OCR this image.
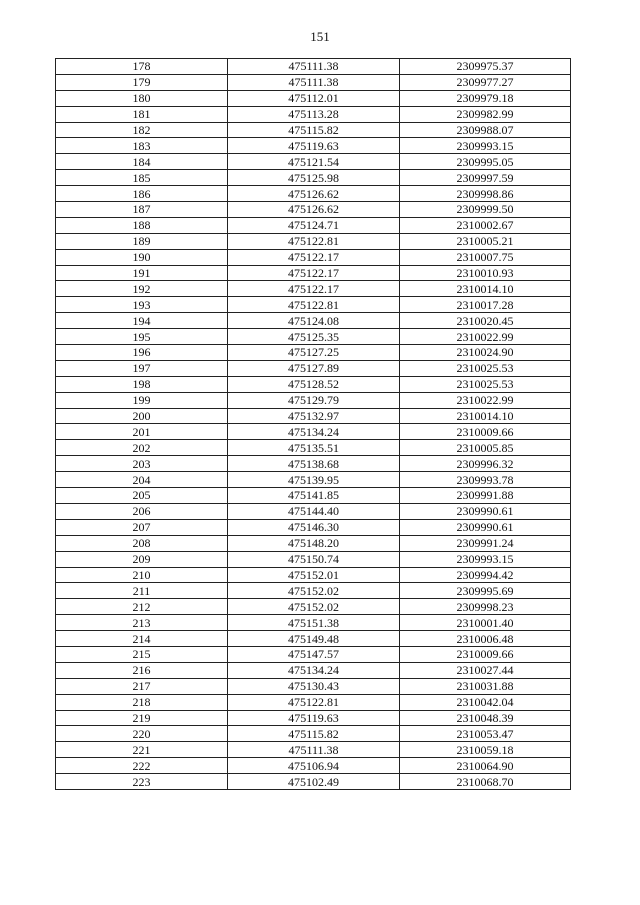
151
178	475111.38	2309975.37
179	475111.38	2309977.27
180	475112.01	2309979.18
181	475113.28	2309982.99
182	475115.82	2309988.07
183	475119.63	2309993.15
184	475121.54	2309995.05
185	475125.98	2309997.59
186	475126.62	2309998.86
187	475126.62	2309999.50
188	475124.71	2310002.67
189	475122.81	2310005.21
190	475122.17	2310007.75
191	475122.17	2310010.93
192	475122.17	2310014.10
193	475122.81	2310017.28
194	475124.08	2310020.45
195	475125.35	2310022.99
196	475127.25	2310024.90
197	475127.89	2310025.53
198	475128.52	2310025.53
199	475129.79	2310022.99
200	475132.97	2310014.10
201	475134.24	2310009.66
202	475135.51	2310005.85
203	475138.68	2309996.32
204	475139.95	2309993.78
205	475141.85	2309991.88
206	475144.40	2309990.61
207	475146.30	2309990.61
208	475148.20	2309991.24
209	475150.74	2309993.15
210	475152.01	2309994.42
211	475152.02	2309995.69
212	475152.02	2309998.23
213	475151.38	2310001.40
214	475149.48	2310006.48
215	475147.57	2310009.66
216	475134.24	2310027.44
217	475130.43	2310031.88
218	475122.81	2310042.04
219	475119.63	2310048.39
220	475115.82	2310053.47
221	475111.38	2310059.18
222	475106.94	2310064.90
223	475102.49	2310068.70
